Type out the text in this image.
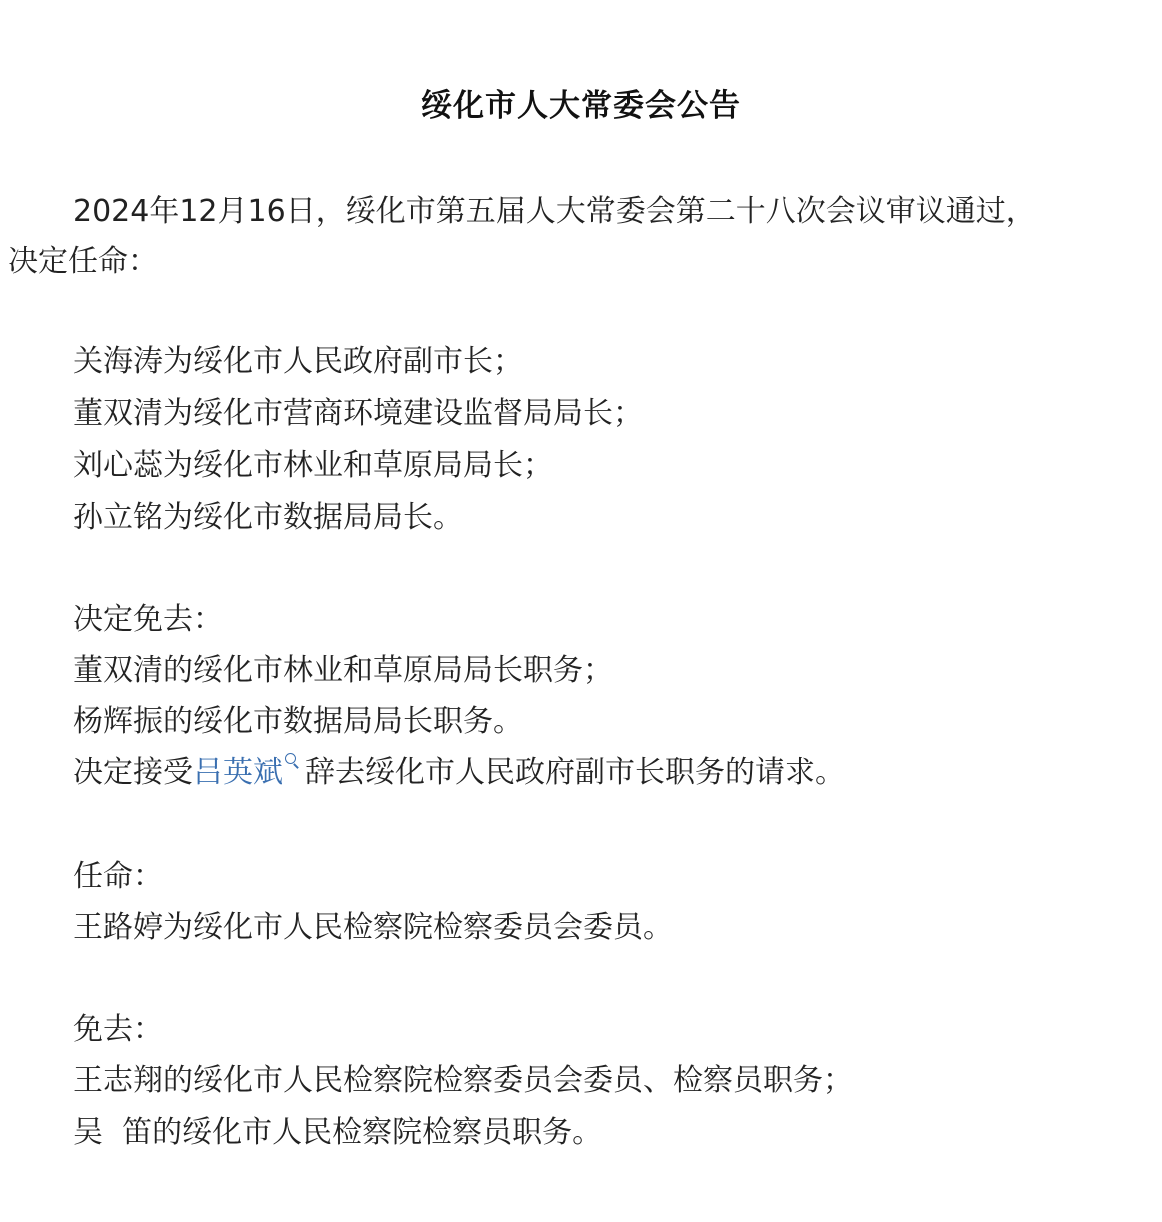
绥化市人大常委会公告
2024年12月16日，绥化市第五届人大常委会第二十八次会议审议通过，
决定任命：
关海涛为绥化市人民政府副市长；
董双清为绥化市营商环境建设监督局局长；
刘心蕊为绥化市林业和草原局局长；
孙立铭为绥化市数据局局长。
决定免去：
董双清的绥化市林业和草原局局长职务；
杨辉振的绥化市数据局局长职务。
决定接受吕英斌 辞去绥化市人民政府副市长职务的请求。
任命：
王路婷为绥化市人民检察院检察委员会委员。
免去：
王志翔的绥化市人民检察院检察委员会委员、检察员职务；
吴  笛的绥化市人民检察院检察员职务。
